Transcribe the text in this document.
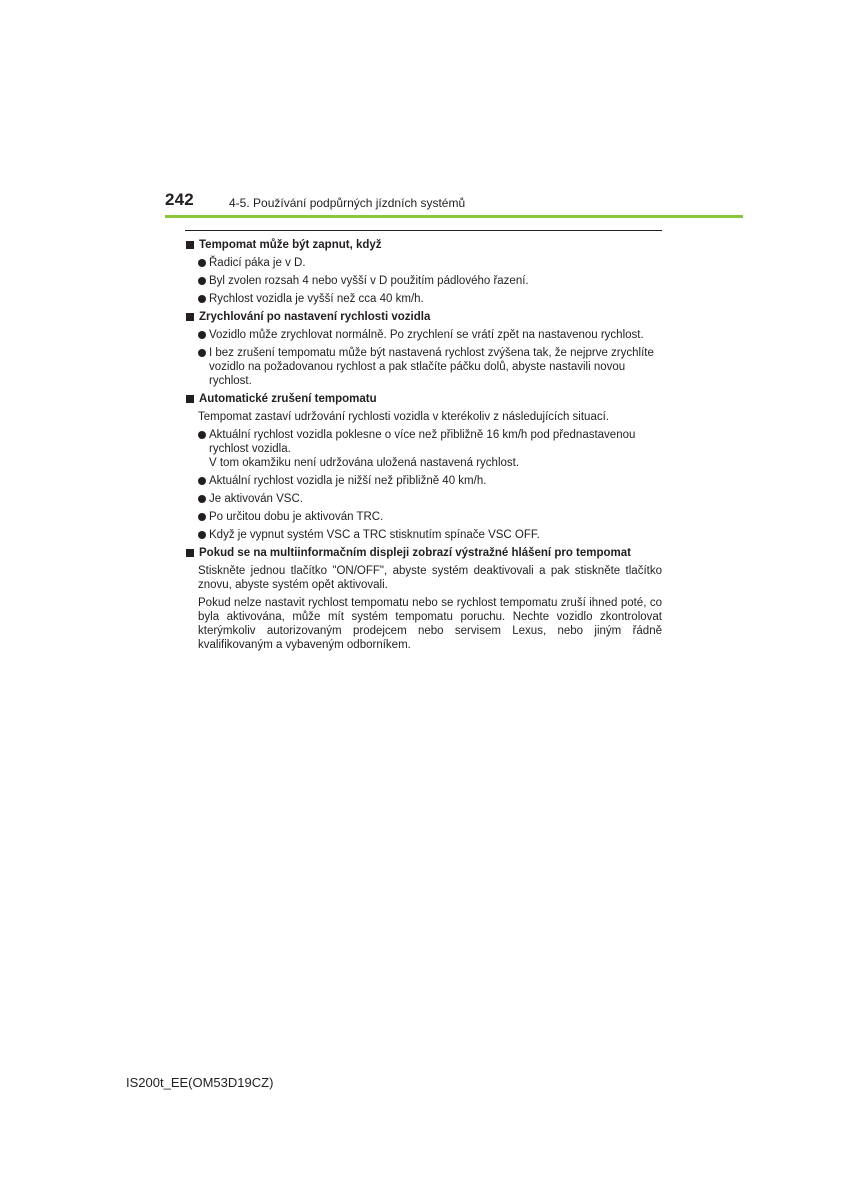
242	4-5. Používání podpůrných jízdních systémů
Tempomat může být zapnut, když
Řadicí páka je v D.
Byl zvolen rozsah 4 nebo vyšší v D použitím pádlového řazení.
Rychlost vozidla je vyšší než cca 40 km/h.
Zrychlování po nastavení rychlosti vozidla
Vozidlo může zrychlovat normálně. Po zrychlení se vrátí zpět na nastavenou rychlost.
I bez zrušení tempomatu může být nastavená rychlost zvýšena tak, že nejprve zrychlíte vozidlo na požadovanou rychlost a pak stlačíte páčku dolů, abyste nastavili novou rychlost.
Automatické zrušení tempomatu
Tempomat zastaví udržování rychlosti vozidla v kterékoliv z následujících situací.
Aktuální rychlost vozidla poklesne o více než přibližně 16 km/h pod přednastavenou rychlost vozidla.
V tom okamžiku není udržována uložená nastavená rychlost.
Aktuální rychlost vozidla je nižší než přibližně 40 km/h.
Je aktivován VSC.
Po určitou dobu je aktivován TRC.
Když je vypnut systém VSC a TRC stisknutím spínače VSC OFF.
Pokud se na multiinformačním displeji zobrazí výstražné hlášení pro tempomat
Stiskněte jednou tlačítko "ON/OFF", abyste systém deaktivovali a pak stiskněte tlačítko znovu, abyste systém opět aktivovali.
Pokud nelze nastavit rychlost tempomatu nebo se rychlost tempomatu zruší ihned poté, co byla aktivována, může mít systém tempomatu poruchu. Nechte vozidlo zkontrolovat kterýmkoliv autorizovaným prodejcem nebo servisem Lexus, nebo jiným řádně kvalifikovaným a vybaveným odborníkem.
IS200t_EE(OM53D19CZ)
